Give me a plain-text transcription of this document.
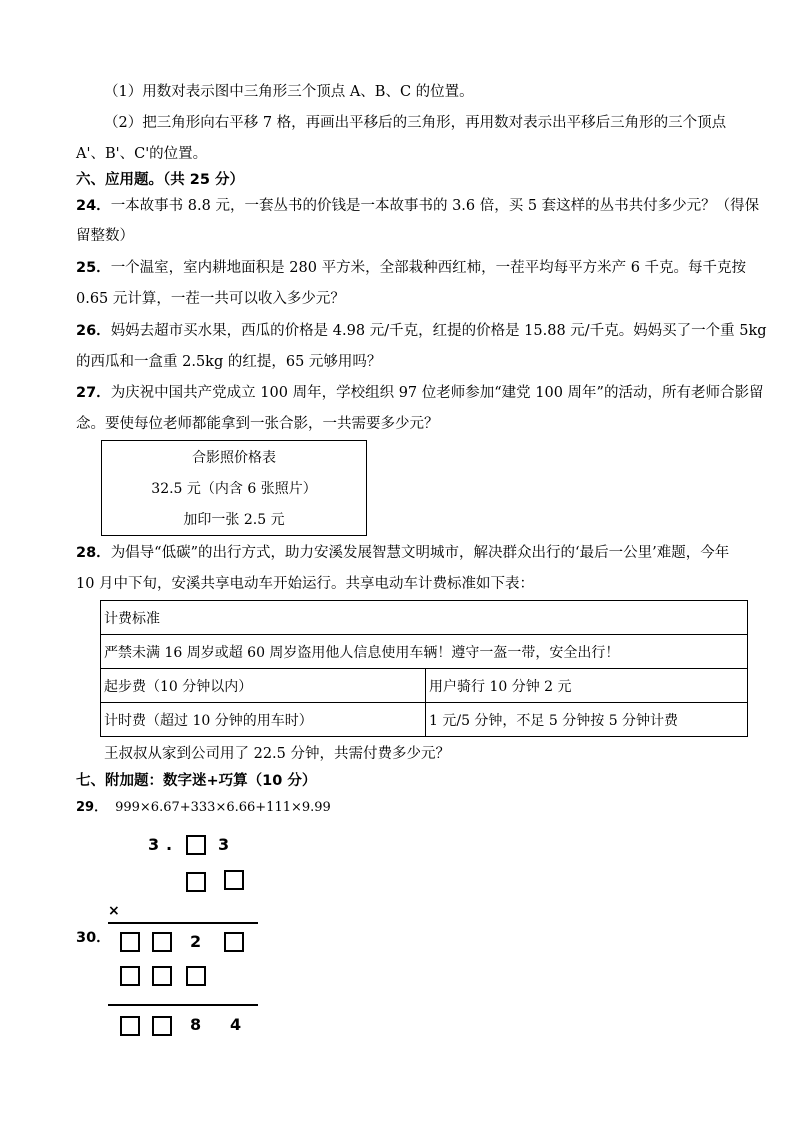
（1）用数对表示图中三角形三个顶点 A、B、C 的位置。
（2）把三角形向右平移 7 格，再画出平移后的三角形，再用数对表示出平移后三角形的三个顶点
A'、B'、C'的位置。
六、应用题。（共 25 分）
24．一本故事书 8.8 元，一套丛书的价钱是一本故事书的 3.6 倍，买 5 套这样的丛书共付多少元？（得保
留整数）
25．一个温室，室内耕地面积是 280 平方米，全部栽种西红柿，一茬平均每平方米产 6 千克。每千克按
0.65 元计算，一茬一共可以收入多少元？
26．妈妈去超市买水果，西瓜的价格是 4.98 元/千克，红提的价格是 15.88 元/千克。妈妈买了一个重 5kg
的西瓜和一盒重 2.5kg 的红提，65 元够用吗？
27．为庆祝中国共产党成立 100 周年，学校组织 97 位老师参加“建党 100 周年”的活动，所有老师合影留
念。要使每位老师都能拿到一张合影，一共需要多少元？
合影照价格表
32.5 元（内含 6 张照片）
加印一张 2.5 元
28．为倡导“低碳”的出行方式，助力安溪发展智慧文明城市，解决群众出行的‘最后一公里’难题，今年
10 月中下旬，安溪共享电动车开始运行。共享电动车计费标准如下表：
计费标准	
严禁未满 16 周岁或超 60 周岁盗用他人信息使用车辆！遵守一盔一带，安全出行！	
起步费（10 分钟以内）	用户骑行 10 分钟 2 元
计时费（超过 10 分钟的用车时）	1 元/5 分钟，不足 5 分钟按 5 分钟计费
王叔叔从家到公司用了 22.5 分钟，共需付费多少元？
七、附加题：数字迷+巧算（10 分）
29． 999×6.67+333×6.66+111×9.99
30．
3 .	3
×
2
8 4
